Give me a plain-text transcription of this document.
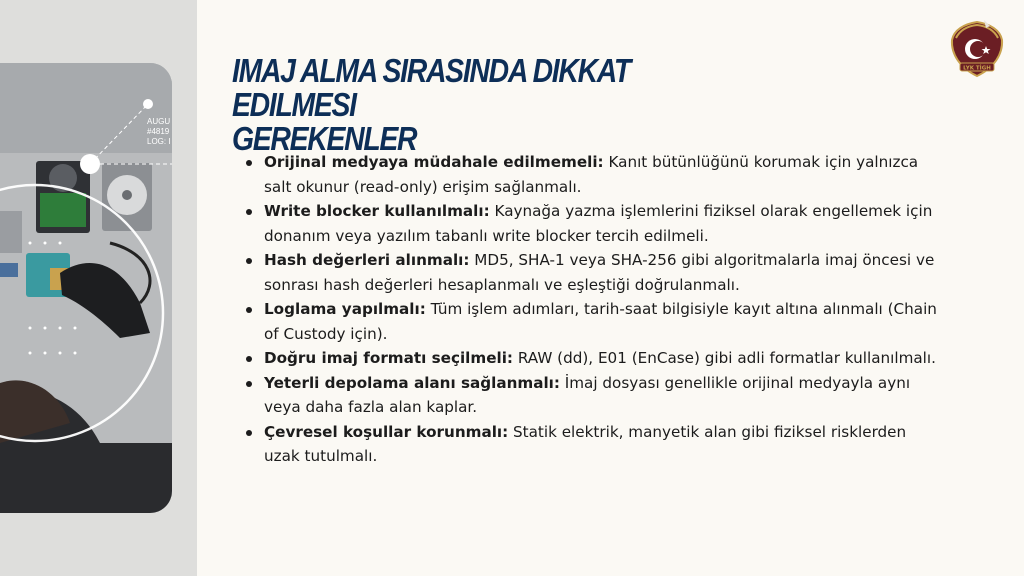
AUGU
#4819
LOG: I
IMAJ ALMA SIRASINDA DIKKAT EDILMESI
GEREKENLER
Orijinal medyaya müdahale edilmemeli: Kanıt bütünlüğünü korumak için yalnızca salt okunur (read-only) erişim sağlanmalı.
Write blocker kullanılmalı: Kaynağa yazma işlemlerini fiziksel olarak engellemek için donanım veya yazılım tabanlı write blocker tercih edilmeli.
Hash değerleri alınmalı: MD5, SHA-1 veya SHA-256 gibi algoritmalarla imaj öncesi ve sonrası hash değerleri hesaplanmalı ve eşleştiği doğrulanmalı.
Loglama yapılmalı: Tüm işlem adımları, tarih-saat bilgisiyle kayıt altına alınmalı (Chain of Custody için).
Doğru imaj formatı seçilmeli: RAW (dd), E01 (EnCase) gibi adli formatlar kullanılmalı.
Yeterli depolama alanı sağlanmalı: İmaj dosyası genellikle orijinal medyayla aynı veya daha fazla alan kaplar.
Çevresel koşullar korunmalı: Statik elektrik, manyetik alan gibi fiziksel risklerden uzak tutulmalı.
LYK TİGH
